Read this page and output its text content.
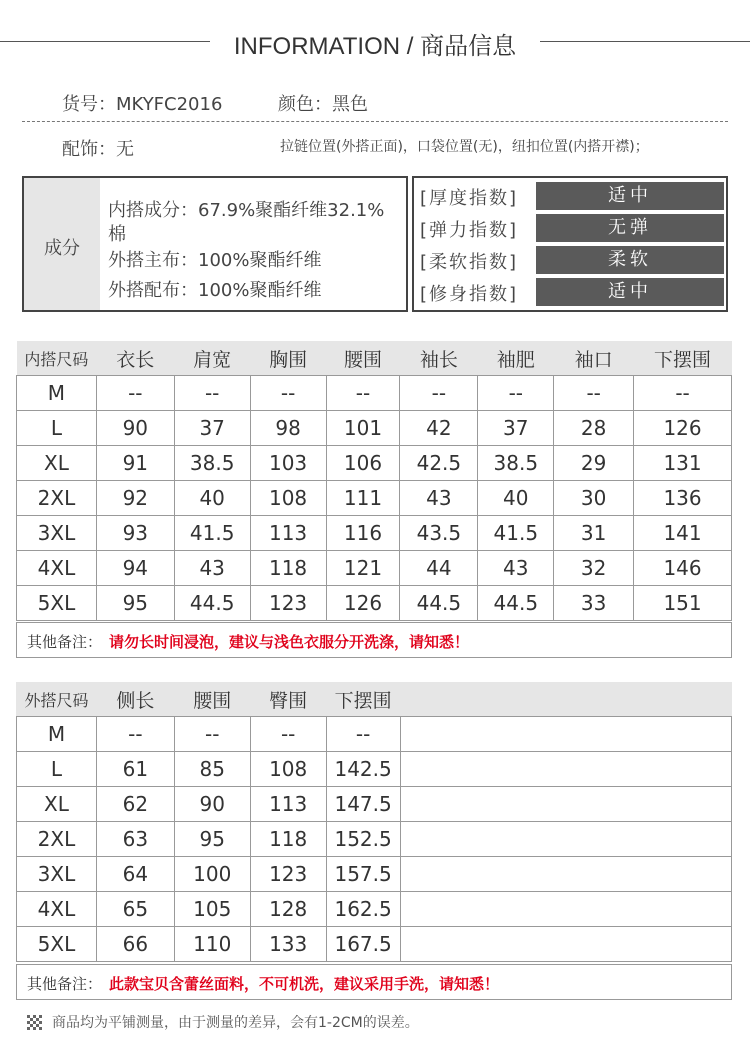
INFORMATION / 商品信息
货号：MKYFC2016	颜色：黑色
配饰：无	拉链位置(外搭正面)，口袋位置(无)，纽扣位置(内搭开襟)；
成分
内搭成分：67.9%聚酯纤维32.1%
棉
外搭主布：100%聚酯纤维
外搭配布：100%聚酯纤维
[厚度指数]	适中
[弹力指数]	无弹
[柔软指数]	柔软
[修身指数]	适中
内搭尺码	衣长	肩宽	胸围	腰围	袖长	袖肥	袖口	下摆围
M	--	--	--	--	--	--	--	--
L	90	37	98	101	42	37	28	126
XL	91	38.5	103	106	42.5	38.5	29	131
2XL	92	40	108	111	43	40	30	136
3XL	93	41.5	113	116	43.5	41.5	31	141
4XL	94	43	118	121	44	43	32	146
5XL	95	44.5	123	126	44.5	44.5	33	151
其他备注： 请勿长时间浸泡，建议与浅色衣服分开洗涤，请知悉！
外搭尺码	侧长	腰围	臀围	下摆围	
M	--	--	--	--	
L	61	85	108	142.5	
XL	62	90	113	147.5	
2XL	63	95	118	152.5	
3XL	64	100	123	157.5	
4XL	65	105	128	162.5	
5XL	66	110	133	167.5	
其他备注： 此款宝贝含蕾丝面料，不可机洗，建议采用手洗，请知悉！
商品均为平铺测量，由于测量的差异，会有1-2CM的误差。
